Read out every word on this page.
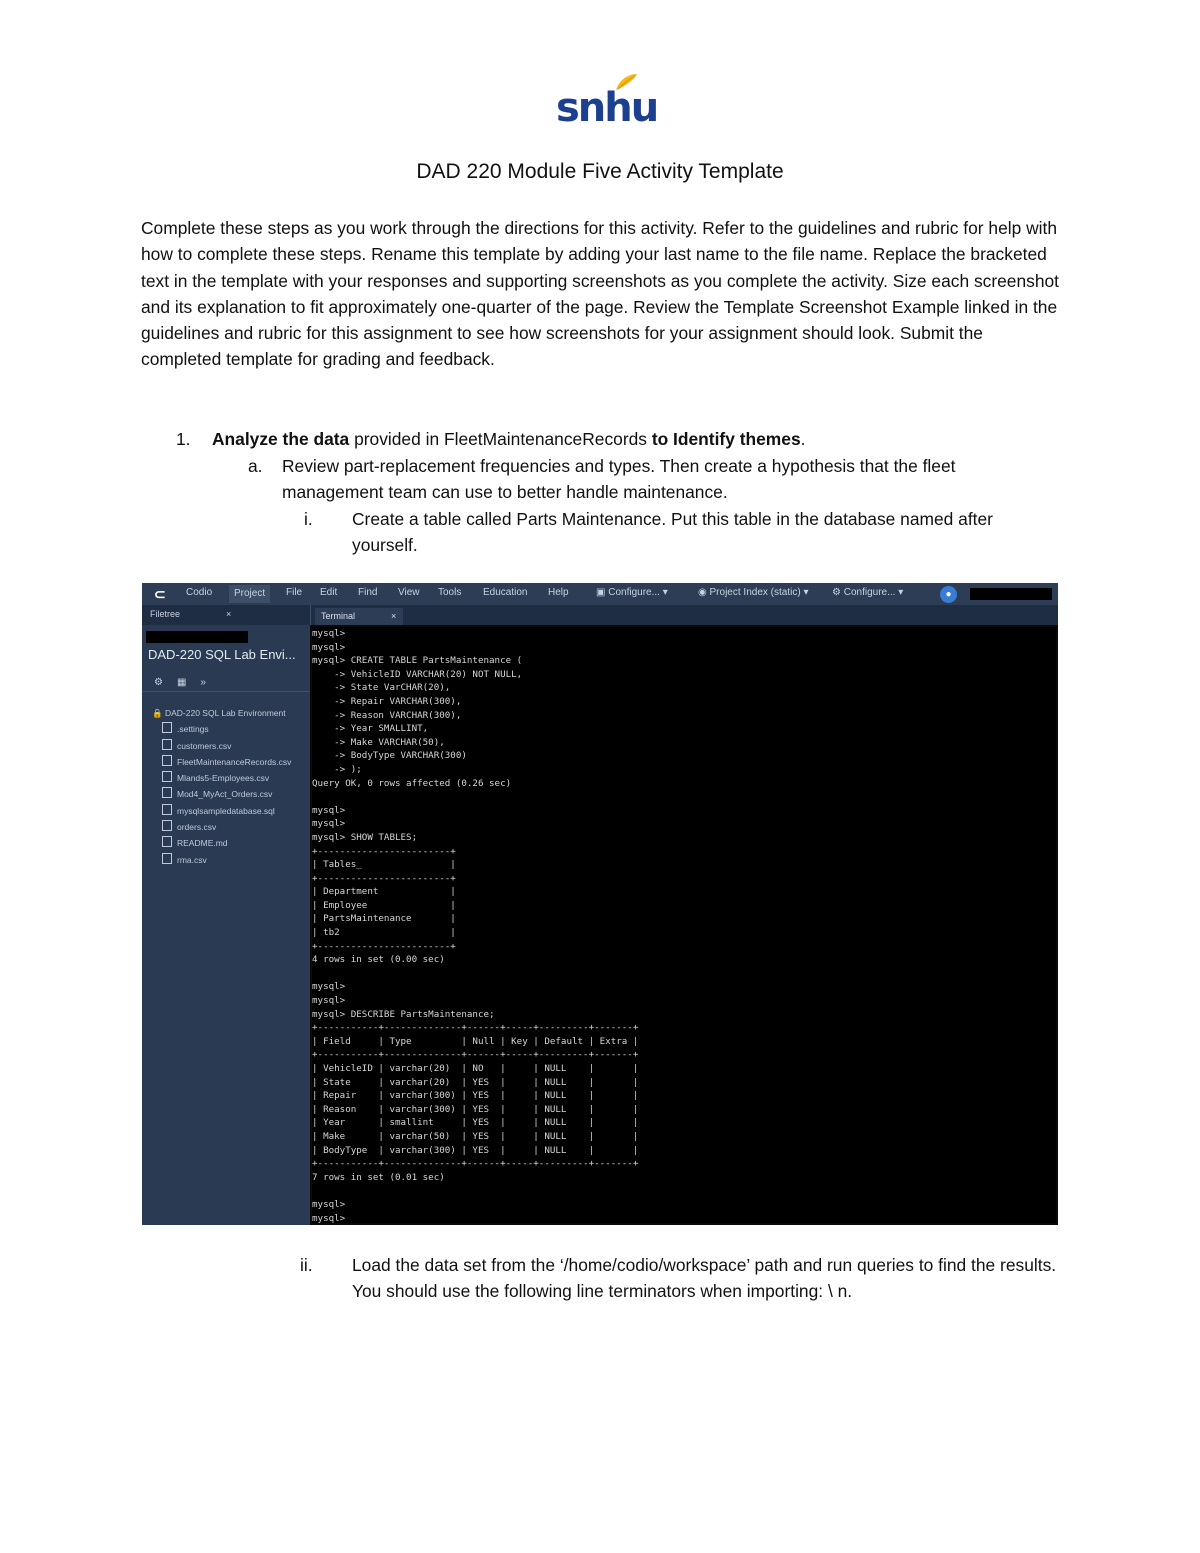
snhu
DAD 220 Module Five Activity Template
Complete these steps as you work through the directions for this activity. Refer to the guidelines and rubric for help with how to complete these steps. Rename this template by adding your last name to the file name. Replace the bracketed text in the template with your responses and supporting screenshots as you complete the activity. Size each screenshot and its explanation to fit approximately one-quarter of the page. Review the Template Screenshot Example linked in the guidelines and rubric for this assignment to see how screenshots for your assignment should look. Submit the completed template for grading and feedback.
1. Analyze the data provided in FleetMaintenanceRecords to Identify themes.
a. Review part-replacement frequencies and types. Then create a hypothesis that the fleet management team can use to better handle maintenance.
i. Create a table called Parts Maintenance. Put this table in the database named after yourself.
⊂ Codio	Project	File Edit Find View Tools Education Help	▣ Configure... ▾	◉ Project Index (static) ▾ ⚙ Configure... ▾	●
Filetree	×
DAD-220 SQL Lab Envi...
⚙ ▦ »
🔒 DAD-220 SQL Lab Environment
.settings
customers.csv
FleetMaintenanceRecords.csv
Mlands5-Employees.csv
Mod4_MyAct_Orders.csv
mysqlsampledatabase.sql
orders.csv
README.md
rma.csv
Terminal	×
mysql>
mysql>
mysql> CREATE TABLE PartsMaintenance (
-> VehicleID VARCHAR(20) NOT NULL,
-> State VarCHAR(20),
-> Repair VARCHAR(300),
-> Reason VARCHAR(300),
-> Year SMALLINT,
-> Make VARCHAR(50),
-> BodyType VARCHAR(300)
-> );
Query OK, 0 rows affected (0.26 sec)
mysql>
mysql>
mysql> SHOW TABLES;
+------------------------+
| Tables_                |
+------------------------+
| Department             |
| Employee               |
| PartsMaintenance       |
| tb2                    |
+------------------------+
4 rows in set (0.00 sec)
mysql>
mysql>
mysql> DESCRIBE PartsMaintenance;
+-----------+--------------+------+-----+---------+-------+
| Field     | Type         | Null | Key | Default | Extra |
+-----------+--------------+------+-----+---------+-------+
| VehicleID | varchar(20)  | NO   |     | NULL    |       |
| State     | varchar(20)  | YES  |     | NULL    |       |
| Repair    | varchar(300) | YES  |     | NULL    |       |
| Reason    | varchar(300) | YES  |     | NULL    |       |
| Year      | smallint     | YES  |     | NULL    |       |
| Make      | varchar(50)  | YES  |     | NULL    |       |
| BodyType  | varchar(300) | YES  |     | NULL    |       |
+-----------+--------------+------+-----+---------+-------+
7 rows in set (0.01 sec)
mysql>
mysql>
ii. Load the data set from the ‘/home/codio/workspace’ path and run queries to find the results. You should use the following line terminators when importing: \ n.
